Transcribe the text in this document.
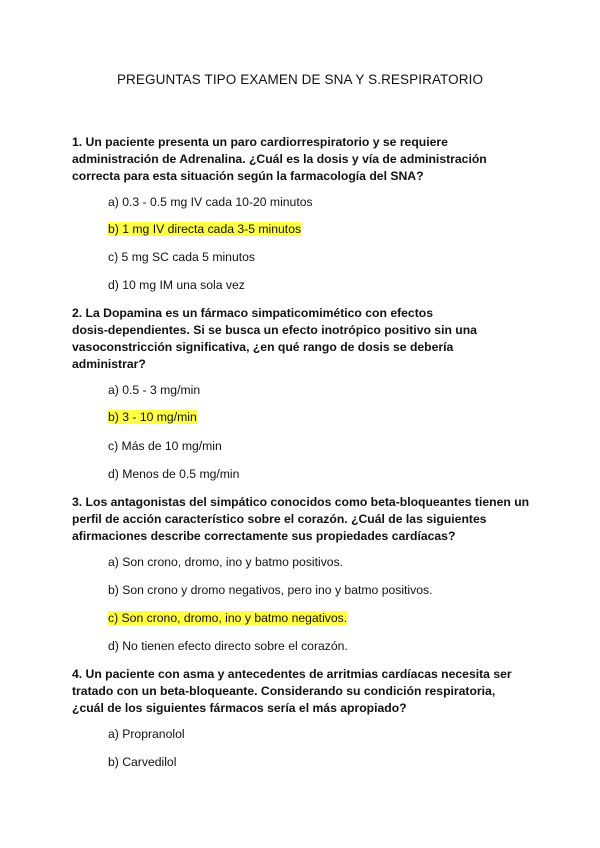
PREGUNTAS TIPO EXAMEN DE SNA Y S.RESPIRATORIO
1. Un paciente presenta un paro cardiorrespiratorio y se requiere
administración de Adrenalina. ¿Cuál es la dosis y vía de administración
correcta para esta situación según la farmacología del SNA?
a) 0.3 - 0.5 mg IV cada 10-20 minutos
b) 1 mg IV directa cada 3-5 minutos
c) 5 mg SC cada 5 minutos
d) 10 mg IM una sola vez
2. La Dopamina es un fármaco simpaticomimético con efectos
dosis-dependientes. Si se busca un efecto inotrópico positivo sin una
vasoconstricción significativa, ¿en qué rango de dosis se debería
administrar?
a) 0.5 - 3 mg/min
b) 3 - 10 mg/min
c) Más de 10 mg/min
d) Menos de 0.5 mg/min
3. Los antagonistas del simpático conocidos como beta-bloqueantes tienen un
perfil de acción característico sobre el corazón. ¿Cuál de las siguientes
afirmaciones describe correctamente sus propiedades cardíacas?
a) Son crono, dromo, ino y batmo positivos.
b) Son crono y dromo negativos, pero ino y batmo positivos.
c) Son crono, dromo, ino y batmo negativos.
d) No tienen efecto directo sobre el corazón.
4. Un paciente con asma y antecedentes de arritmias cardíacas necesita ser
tratado con un beta-bloqueante. Considerando su condición respiratoria,
¿cuál de los siguientes fármacos sería el más apropiado?
a) Propranolol
b) Carvedilol
